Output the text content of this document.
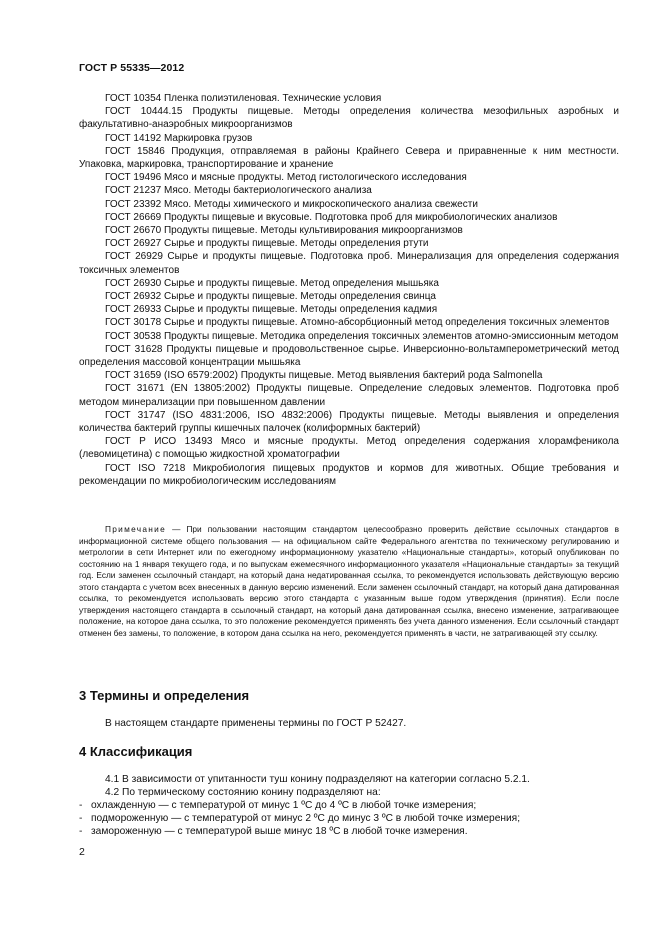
ГОСТ Р 55335—2012

ГОСТ 10354 Пленка полиэтиленовая. Технические условия

ГОСТ 10444.15 Продукты пищевые. Методы определения количества мезофильных аэробных и факультативно-анаэробных микроорганизмов

ГОСТ 14192 Маркировка грузов

ГОСТ 15846 Продукция, отправляемая в районы Крайнего Севера и приравненные к ним местности. Упаковка, маркировка, транспортирование и хранение

ГОСТ 19496 Мясо и мясные продукты. Метод гистологического исследования

ГОСТ 21237 Мясо. Методы бактериологического анализа

ГОСТ 23392 Мясо. Методы химического и микроскопического анализа свежести

ГОСТ 26669 Продукты пищевые и вкусовые. Подготовка проб для микробиологических анализов

ГОСТ 26670 Продукты пищевые. Методы культивирования микроорганизмов

ГОСТ 26927 Сырье и продукты пищевые. Методы определения ртути

ГОСТ 26929 Сырье и продукты пищевые. Подготовка проб. Минерализация для определения содержания токсичных элементов

ГОСТ 26930 Сырье и продукты пищевые. Метод определения мышьяка

ГОСТ 26932 Сырье и продукты пищевые. Методы определения свинца

ГОСТ 26933 Сырье и продукты пищевые. Методы определения кадмия

ГОСТ 30178 Сырье и продукты пищевые. Атомно-абсорбционный метод определения токсичных элементов

ГОСТ 30538 Продукты пищевые. Методика определения токсичных элементов атомно-эмиссионным методом

ГОСТ 31628 Продукты пищевые и продовольственное сырье. Инверсионно-вольтамперометрический метод определения массовой концентрации мышьяка

ГОСТ 31659 (ISO 6579:2002) Продукты пищевые. Метод выявления бактерий рода Salmonella

ГОСТ 31671 (EN 13805:2002) Продукты пищевые. Определение следовых элементов. Подготовка проб методом минерализации при повышенном давлении

ГОСТ 31747 (ISO 4831:2006, ISO 4832:2006) Продукты пищевые. Методы выявления и определения количества бактерий группы кишечных палочек (колиформных бактерий)

ГОСТ Р ИСО 13493 Мясо и мясные продукты. Метод определения содержания хлорамфеникола (левомицетина) с помощью жидкостной хроматографии

ГОСТ ISO 7218 Микробиология пищевых продуктов и кормов для животных. Общие требования и рекомендации по микробиологическим исследованиям

Примечание — При пользовании настоящим стандартом целесообразно проверить действие ссылочных стандартов в информационной системе общего пользования — на официальном сайте Федерального агентства по техническому регулированию и метрологии в сети Интернет или по ежегодному информационному указателю «Национальные стандарты», который опубликован по состоянию на 1 января текущего года, и по выпускам ежемесячного информационного указателя «Национальные стандарты» за текущий год. Если заменен ссылочный стандарт, на который дана недатированная ссылка, то рекомендуется использовать действующую версию этого стандарта с учетом всех внесенных в данную версию изменений. Если заменен ссылочный стандарт, на который дана датированная ссылка, то рекомендуется использовать версию этого стандарта с указанным выше годом утверждения (принятия). Если после утверждения настоящего стандарта в ссылочный стандарт, на который дана датированная ссылка, внесено изменение, затрагивающее положение, на которое дана ссылка, то это положение рекомендуется применять без учета данного изменения. Если ссылочный стандарт отменен без замены, то положение, в котором дана ссылка на него, рекомендуется применять в части, не затрагивающей эту ссылку.

3 Термины и определения

В настоящем стандарте применены термины по ГОСТ Р 52427.

4 Классификация

4.1 В зависимости от упитанности туш конину подразделяют на категории согласно 5.2.1.

4.2 По термическому состоянию конину подразделяют на:

- охлажденную — с температурой от минус 1 ºС до 4 ºС в любой точке измерения;
- подмороженную — с температурой от минус 2 ºС до минус 3 ºС в любой точке измерения;
- замороженную — с температурой выше минус 18 ºС в любой точке измерения.
2
